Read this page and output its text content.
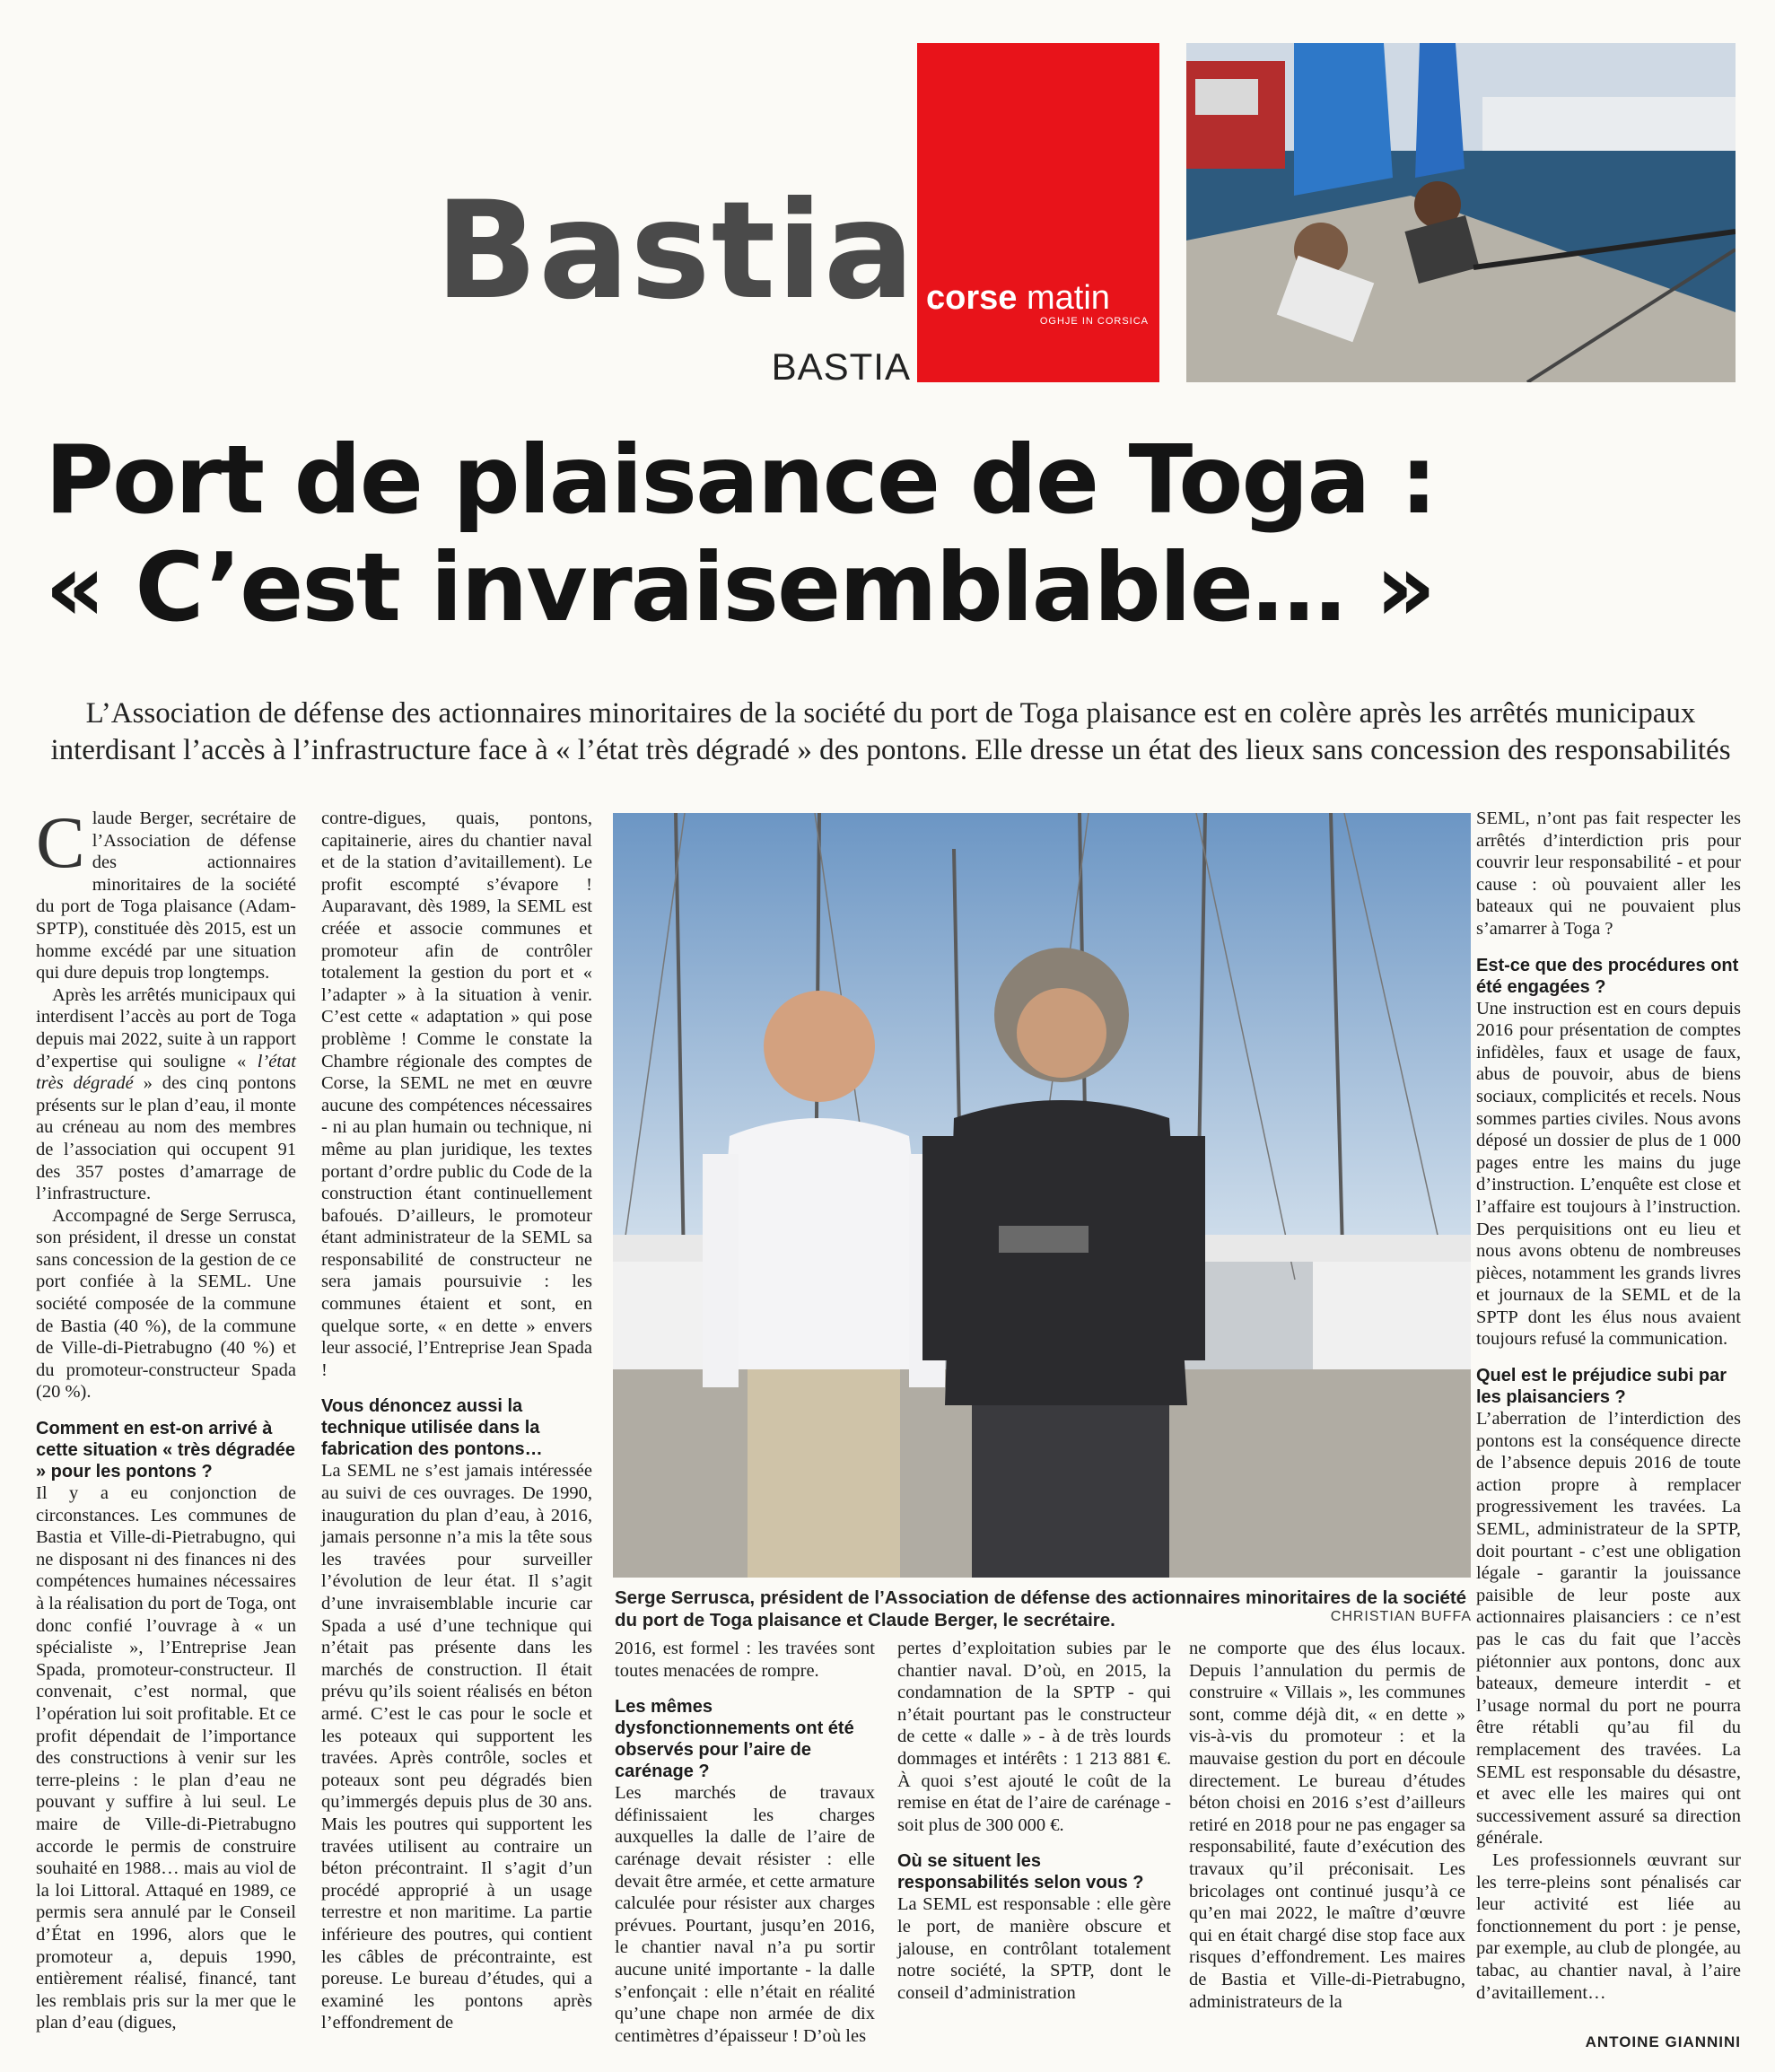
Bastia
BASTIA
corse matin
OGHJE IN CORSICA
Port de plaisance de Toga :
« C’est invraisemblable… »
L’Association de défense des actionnaires minoritaires de la société du port de Toga plaisance est en colère après les arrêtés municipaux interdisant l’accès à l’infrastructure face à « l’état très dégradé » des pontons. Elle dresse un état des lieux sans concession des responsabilités

Claude Berger, secrétaire de l’Association de défense des actionnaires minoritaires de la société du port de Toga plaisance (Adam-SPTP), constituée dès 2015, est un homme excédé par une situation qui dure depuis trop longtemps.

Après les arrêtés municipaux qui interdisent l’accès au port de Toga depuis mai 2022, suite à un rapport d’expertise qui souligne « l’état très dégradé » des cinq pontons présents sur le plan d’eau, il monte au créneau au nom des membres de l’association qui occupent 91 des 357 postes d’amarrage de l’infrastructure.

Accompagné de Serge Serrusca, son président, il dresse un constat sans concession de la gestion de ce port confiée à la SEML. Une société composée de la commune de Bastia (40 %), de la commune de Ville-di-Pietrabugno (40 %) et du promoteur-constructeur Spada (20 %).

Comment en est-on arrivé à cette situation « très dégradée » pour les pontons ?

Il y a eu conjonction de circonstances. Les communes de Bastia et Ville-di-Pietrabugno, qui ne disposant ni des finances ni des compétences humaines nécessaires à la réalisation du port de Toga, ont donc confié l’ouvrage à « un spécialiste », l’Entreprise Jean Spada, promoteur-constructeur. Il convenait, c’est normal, que l’opération lui soit profitable. Et ce profit dépendait de l’importance des constructions à venir sur les terre-pleins : le plan d’eau ne pouvant y suffire à lui seul. Le maire de Ville-di-Pietrabugno accorde le permis de construire souhaité en 1988… mais au viol de la loi Littoral. Attaqué en 1989, ce permis sera annulé par le Conseil d’État en 1996, alors que le promoteur a, depuis 1990, entièrement réalisé, financé, tant les remblais pris sur la mer que le plan d’eau (digues,

contre-digues, quais, pontons, capitainerie, aires du chantier naval et de la station d’avitaillement). Le profit escompté s’évapore ! Auparavant, dès 1989, la SEML est créée et associe communes et promoteur afin de contrôler totalement la gestion du port et « l’adapter » à la situation à venir. C’est cette « adaptation » qui pose problème ! Comme le constate la Chambre régionale des comptes de Corse, la SEML ne met en œuvre aucune des compétences nécessaires - ni au plan humain ou technique, ni même au plan juridique, les textes portant d’ordre public du Code de la construction étant continuellement bafoués. D’ailleurs, le promoteur étant administrateur de la SEML sa responsabilité de constructeur ne sera jamais poursuivie : les communes étaient et sont, en quelque sorte, « en dette » envers leur associé, l’Entreprise Jean Spada !

Vous dénoncez aussi la technique utilisée dans la fabrication des pontons…

La SEML ne s’est jamais intéressée au suivi de ces ouvrages. De 1990, inauguration du plan d’eau, à 2016, jamais personne n’a mis la tête sous les travées pour surveiller l’évolution de leur état. Il s’agit d’une invraisemblable incurie car Spada a usé d’une technique qui n’était pas présente dans les marchés de construction. Il était prévu qu’ils soient réalisés en béton armé. C’est le cas pour le socle et les poteaux qui supportent les travées. Après contrôle, socles et poteaux sont peu dégradés bien qu’immergés depuis plus de 30 ans. Mais les poutres qui supportent les travées utilisent au contraire un béton précontraint. Il s’agit d’un procédé approprié à un usage terrestre et non maritime. La partie inférieure des poutres, qui contient les câbles de précontrainte, est poreuse. Le bureau d’études, qui a examiné les pontons après l’effondrement de

Serge Serrusca, président de l’Association de défense des actionnaires minoritaires de la société du port de Toga plaisance et Claude Berger, le secrétaire.	CHRISTIAN BUFFA

2016, est formel : les travées sont toutes menacées de rompre.

Les mêmes dysfonctionnements ont été observés pour l’aire de carénage ?

Les marchés de travaux définissaient les charges auxquelles la dalle de l’aire de carénage devait résister : elle devait être armée, et cette armature calculée pour résister aux charges prévues. Pourtant, jusqu’en 2016, le chantier naval n’a pu sortir aucune unité importante - la dalle s’enfonçait : elle n’était en réalité qu’une chape non armée de dix centimètres d’épaisseur ! D’où les

pertes d’exploitation subies par le chantier naval. D’où, en 2015, la condamnation de la SPTP - qui n’était pourtant pas le constructeur de cette « dalle » - à de très lourds dommages et intérêts : 1 213 881 €. À quoi s’est ajouté le coût de la remise en état de l’aire de carénage - soit plus de 300 000 €.

Où se situent les responsabilités selon vous ?

La SEML est responsable : elle gère le port, de manière obscure et jalouse, en contrôlant totalement notre société, la SPTP, dont le conseil d’administration

ne comporte que des élus locaux. Depuis l’annulation du permis de construire « Villais », les communes sont, comme déjà dit, « en dette » vis-à-vis du promoteur : et la mauvaise gestion du port en découle directement. Le bureau d’études béton choisi en 2016 s’est d’ailleurs retiré en 2018 pour ne pas engager sa responsabilité, faute d’exécution des travaux qu’il préconisait. Les bricolages ont continué jusqu’à ce qu’en mai 2022, le maître d’œuvre qui en était chargé dise stop face aux risques d’effondrement. Les maires de Bastia et Ville-di-Pietrabugno, administrateurs de la

SEML, n’ont pas fait respecter les arrêtés d’interdiction pris pour couvrir leur responsabilité - et pour cause : où pouvaient aller les bateaux qui ne pouvaient plus s’amarrer à Toga ?

Est-ce que des procédures ont été engagées ?

Une instruction est en cours depuis 2016 pour présentation de comptes infidèles, faux et usage de faux, abus de pouvoir, abus de biens sociaux, complicités et recels. Nous sommes parties civiles. Nous avons déposé un dossier de plus de 1 000 pages entre les mains du juge d’instruction. L’enquête est close et l’affaire est toujours à l’instruction. Des perquisitions ont eu lieu et nous avons obtenu de nombreuses pièces, notamment les grands livres et journaux de la SEML et de la SPTP dont les élus nous avaient toujours refusé la communication.

Quel est le préjudice subi par les plaisanciers ?

L’aberration de l’interdiction des pontons est la conséquence directe de l’absence depuis 2016 de toute action propre à remplacer progressivement les travées. La SEML, administrateur de la SPTP, doit pourtant - c’est une obligation légale - garantir la jouissance paisible de leur poste aux actionnaires plaisanciers : ce n’est pas le cas du fait que l’accès piétonnier aux pontons, donc aux bateaux, demeure interdit - et l’usage normal du port ne pourra être rétabli qu’au fil du remplacement des travées. La SEML est responsable du désastre, et avec elle les maires qui ont successivement assuré sa direction générale.

Les professionnels œuvrant sur les terre-pleins sont pénalisés car leur activité est liée au fonctionnement du port : je pense, par exemple, au club de plongée, au tabac, au chantier naval, à l’aire d’avitaillement…

ANTOINE GIANNINI
